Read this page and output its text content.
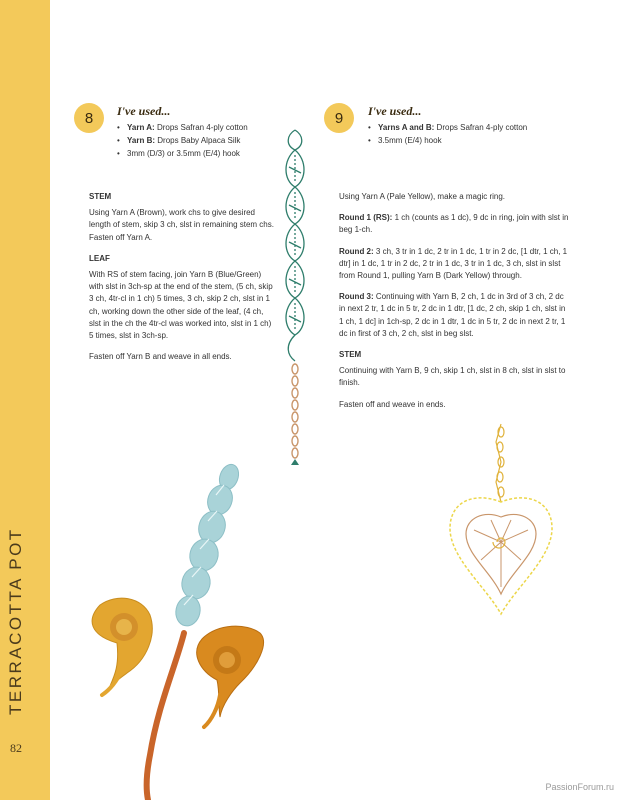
TERRACOTTA POT
82
8	I've used...
• Yarn A: Drops Safran 4-ply cotton
• Yarn B: Drops Baby Alpaca Silk
• 3mm (D/3) or 3.5mm (E/4) hook

STEM

Using Yarn A (Brown), work chs to give desired length of stem, skip 3 ch, slst in remaining stem chs. Fasten off Yarn A.

LEAF

With RS of stem facing, join Yarn B (Blue/Green) with slst in 3ch-sp at the end of the stem, (5 ch, skip 3 ch, 4tr-cl in 1 ch) 5 times, 3 ch, skip 2 ch, slst in 1 ch, working down the other side of the leaf, (4 ch, slst in the ch the 4tr-cl was worked into, slst in 1 ch) 5 times, slst in 3ch-sp.

Fasten off Yarn B and weave in all ends.

9	I've used...
• Yarns A and B: Drops Safran 4-ply cotton
• 3.5mm (E/4) hook

Using Yarn A (Pale Yellow), make a magic ring.

Round 1 (RS): 1 ch (counts as 1 dc), 9 dc in ring, join with slst in beg 1-ch.

Round 2: 3 ch, 3 tr in 1 dc, 2 tr in 1 dc, 1 tr in 2 dc, [1 dtr, 1 ch, 1 dtr] in 1 dc, 1 tr in 2 dc, 2 tr in 1 dc, 3 tr in 1 dc, 3 ch, slst in slst from Round 1, pulling Yarn B (Dark Yellow) through.

Round 3: Continuing with Yarn B, 2 ch, 1 dc in 3rd of 3 ch, 2 dc in next 2 tr, 1 dc in 5 tr, 2 dc in 1 dtr, [1 dc, 2 ch, skip 1 ch, slst in 1 ch, 1 dc] in 1ch-sp, 2 dc in 1 dtr, 1 dc in 5 tr, 2 dc in next 2 tr, 1 dc in first of 3 ch, 2 ch, slst in beg slst.

STEM

Continuing with Yarn B, 9 ch, skip 1 ch, slst in 8 ch, slst in slst to finish.

Fasten off and weave in ends.

PassionForum.ru
